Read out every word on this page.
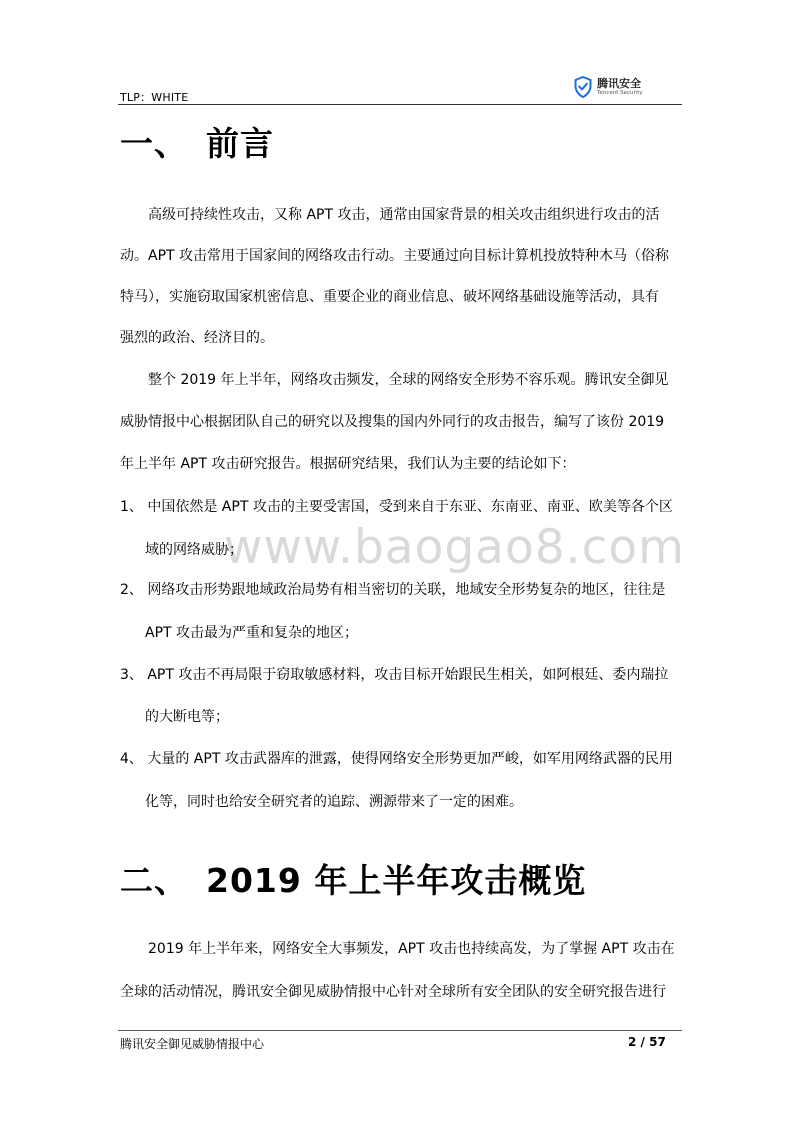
TLP：WHITE
腾讯安全
Tencent Security
一、 前言
高级可持续性攻击，又称 APT 攻击，通常由国家背景的相关攻击组织进行攻击的活
动。APT 攻击常用于国家间的网络攻击行动。主要通过向目标计算机投放特种木马（俗称
特马），实施窃取国家机密信息、重要企业的商业信息、破坏网络基础设施等活动，具有
强烈的政治、经济目的。
整个 2019 年上半年，网络攻击频发，全球的网络安全形势不容乐观。腾讯安全御见
威胁情报中心根据团队自己的研究以及搜集的国内外同行的攻击报告，编写了该份 2019
年上半年 APT 攻击研究报告。根据研究结果，我们认为主要的结论如下：
www.baogao8.com
1、 中国依然是 APT 攻击的主要受害国，受到来自于东亚、东南亚、南亚、欧美等各个区
域的网络威胁；
2、 网络攻击形势跟地域政治局势有相当密切的关联，地域安全形势复杂的地区，往往是
APT 攻击最为严重和复杂的地区；
3、 APT 攻击不再局限于窃取敏感材料，攻击目标开始跟民生相关，如阿根廷、委内瑞拉
的大断电等；
4、 大量的 APT 攻击武器库的泄露，使得网络安全形势更加严峻，如军用网络武器的民用
化等，同时也给安全研究者的追踪、溯源带来了一定的困难。
二、 2019 年上半年攻击概览
2019 年上半年来，网络安全大事频发，APT 攻击也持续高发，为了掌握 APT 攻击在
全球的活动情况，腾讯安全御见威胁情报中心针对全球所有安全团队的安全研究报告进行
腾讯安全御见威胁情报中心	2 / 57
